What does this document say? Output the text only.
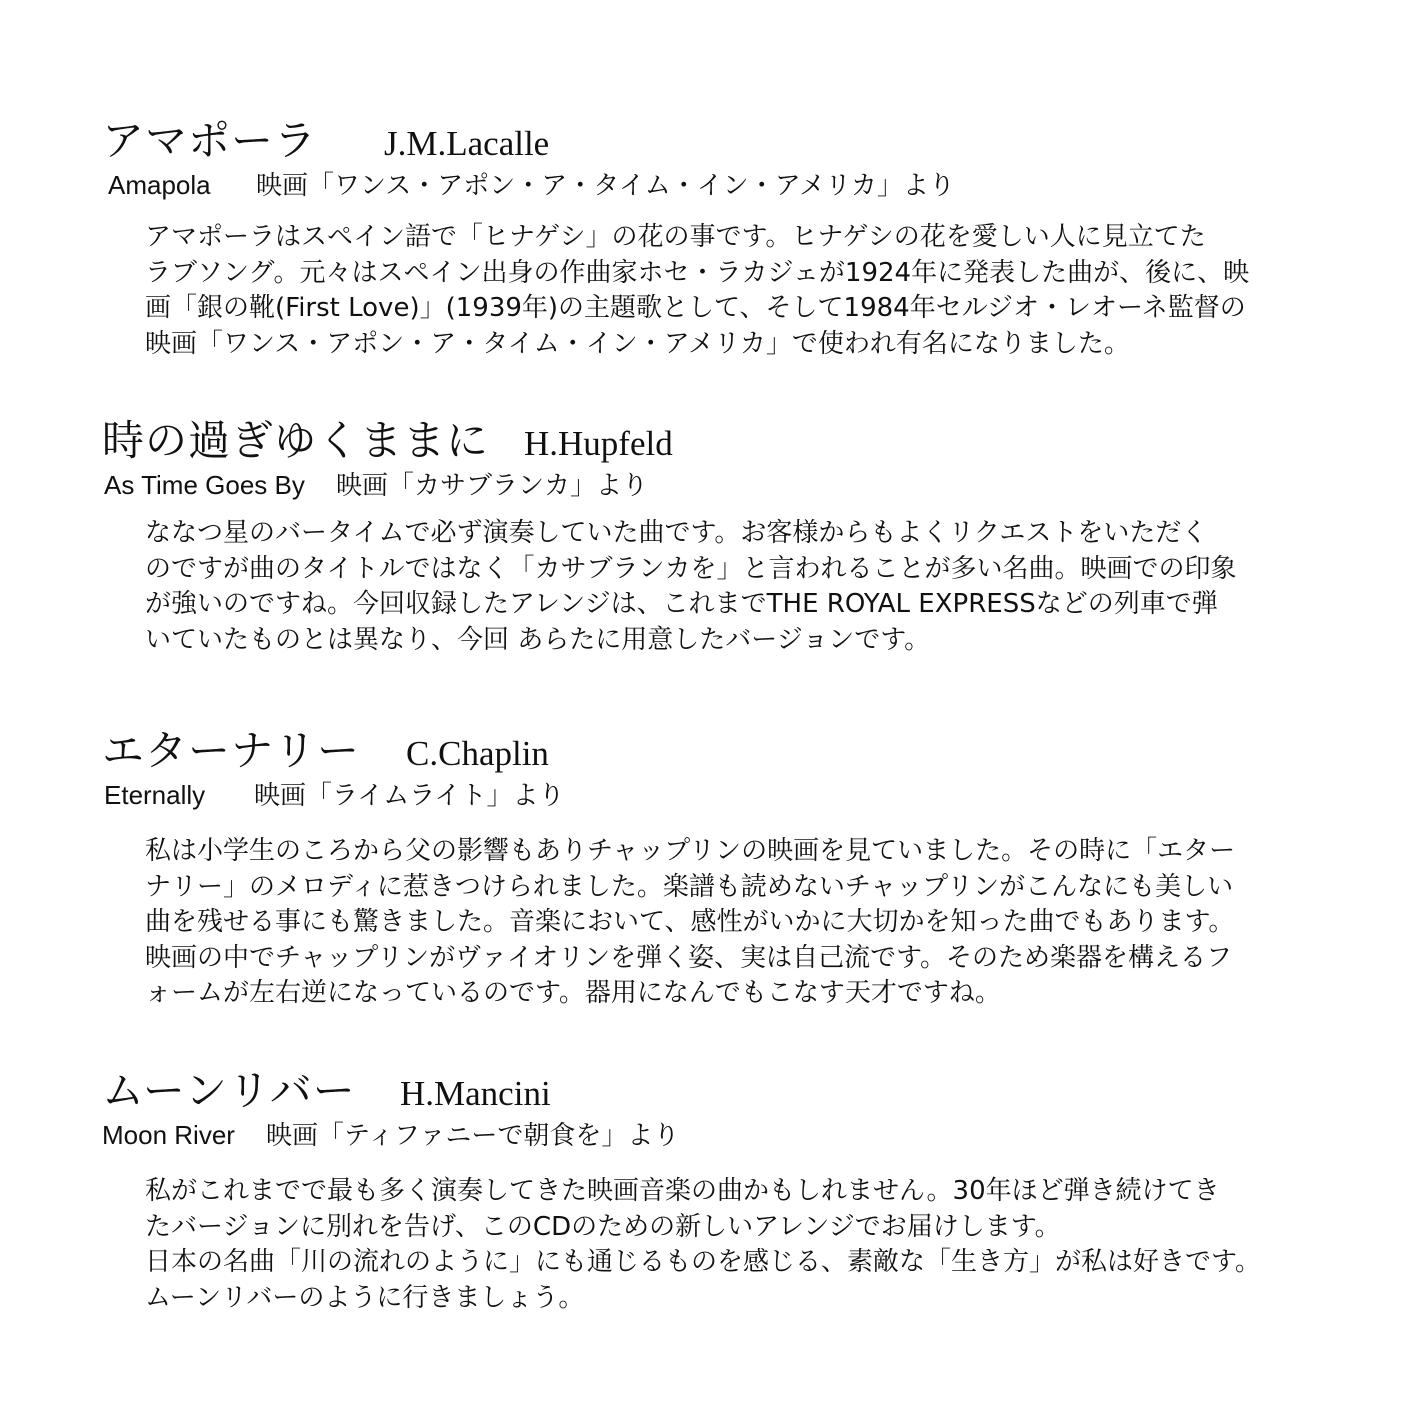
アマポーラ J.M.Lacalle
Amapola 映画「ワンス・アポン・ア・タイム・イン・アメリカ」より
アマポーラはスペイン語で「ヒナゲシ」の花の事です。ヒナゲシの花を愛しい人に見立てた
ラブソング。元々はスペイン出身の作曲家ホセ・ラカジェが1924年に発表した曲が、後に、映
画「銀の靴(First Love)」(1939年)の主題歌として、そして1984年セルジオ・レオーネ監督の
映画「ワンス・アポン・ア・タイム・イン・アメリカ」で使われ有名になりました。
時の過ぎゆくままに H.Hupfeld
As Time Goes By 映画「カサブランカ」より
ななつ星のバータイムで必ず演奏していた曲です。お客様からもよくリクエストをいただく
のですが曲のタイトルではなく「カサブランカを」と言われることが多い名曲。映画での印象
が強いのですね。今回収録したアレンジは、これまでTHE ROYAL EXPRESSなどの列車で弾
いていたものとは異なり、今回 あらたに用意したバージョンです。
エターナリー C.Chaplin
Eternally 映画「ライムライト」より
私は小学生のころから父の影響もありチャップリンの映画を見ていました。その時に「エター
ナリー」のメロディに惹きつけられました。楽譜も読めないチャップリンがこんなにも美しい
曲を残せる事にも驚きました。音楽において、感性がいかに大切かを知った曲でもあります。
映画の中でチャップリンがヴァイオリンを弾く姿、実は自己流です。そのため楽器を構えるフ
ォームが左右逆になっているのです。器用になんでもこなす天才ですね。
ムーンリバー H.Mancini
Moon River 映画「ティファニーで朝食を」より
私がこれまでで最も多く演奏してきた映画音楽の曲かもしれません。30年ほど弾き続けてき
たバージョンに別れを告げ、このCDのための新しいアレンジでお届けします。
日本の名曲「川の流れのように」にも通じるものを感じる、素敵な「生き方」が私は好きです。
ムーンリバーのように行きましょう。
